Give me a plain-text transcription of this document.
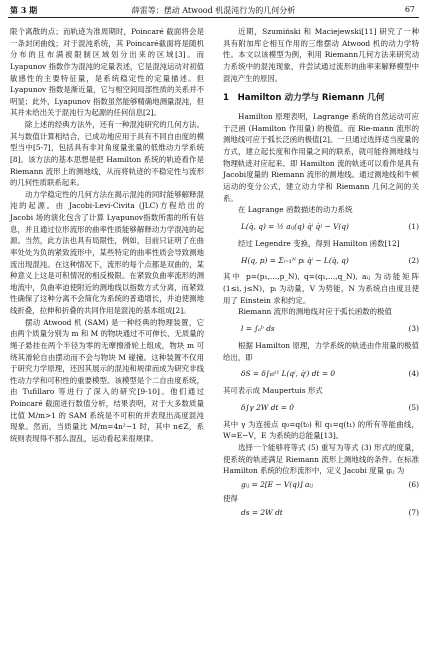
第 3 期	薛雷等：摆动 Atwood 机混沌行为的几何分析	67

限个离散的点；而轨迹为准周期时，Poincaré 截面将会是一条封闭曲线；对于混沌系统，其 Poincaré截面将是随机分布的且布满被限制区域划分出来的区域[3]。而 Lyapunov 指数作为混沌的定量表述，它是混沌运动对初值敏感性的主要特征量，是系统稳定性的定量描述。但 Lyapunov 指数是渐近量，它与相空间局部性质的关系并不明显；此外，Lyapunov 指数虽然能够精确地测量混沌，但其并未给出关于混沌行为起源的任何信息[2]。

除上述的经典方法外，还有一种混沌研究的几何方法。其与数值计算相结合，已成功地应用于具有不同自由度的模型当中[5-7]，包括具有非对角度量张量的低维动力学系统[8]。该方法的基本思想是把 Hamilton 系统的轨迹看作是 Riemann 流形上的测地线，从而将轨迹的不稳定性与流形的几何性质联系起来。

动力学稳定性的几何方法在揭示混沌的同时能够解释混沌的起源。由 Jacobi-Levi-Civita (JLC)方程给出的 Jacobi 场的演化包含了计算 Lyapunov指数所需的所有信息，并且通过位形流形的曲率性质能够解释动力学混沌的起源。当然，此方法也具有局限性，例如，目前只证明了在曲率处处为负的紧致流形中，某些特定的曲率性质会导致测地流出现混沌。在这种情况下，流形的每个点都是双曲的，某种意义上这是可积情况的相反极限。在紧致负曲率流形的测地流中，负曲率迫使附近的测地线以指数方式分离，而紧致性确保了这种分离不会简化为系统的普通增长，并迫使测地线折叠，拉伸和折叠的共同作用是混沌的基本组成[2]。

摆动 Atwood 机 (SAM) 是一种经典的物理装置，它由两个质量分别为 m 和 M 的物块通过不可伸长、无质量的绳子悬挂在两个半径为零的无摩擦滑轮上组成，物块 m 可绕其滑轮自由摆动而不会与物块 M 碰撞。这种装置不仅用于研究力学原理，还因其展示的混沌和规律而成为研究非线性动力学和可积性的重要模型。该模型是个二自由度系统，由 Tufillaro 等进行了深入的研究[9-10]。他们通过Poincaré 截面进行数值分析，结果表明，对于大多数质量比值 M/m>1 的 SAM 系统是不可积的并表现出高度混沌现象。然而，当质量比 M/m=4n²−1 时，其中 n∈Z，系统则表现得不那么混乱，运动看起来很规律。

近期，Szumiński 和 Maciejewski[11] 研究了一种具有附加库仑相互作用的三维摆动 Atwood 机的动力学特性。本文以该模型为例，利用 Riemann几何方法来研究动力系统中的混沌现象，并尝试通过流形的曲率来解释模型中混沌产生的原因。

1　Hamilton 动力学与 Riemann 几何

Hamilton 原理表明，Lagrange 系统的自然运动可应于泛函 (Hamilton 作用量) 的极值。而 Rie-mann 流形的测地线可应于弧长泛函的极值[2]。一旦通过选择适当度量的方式，建立起长度和作用量之间的联系，就可能将测地线与物理轨迹对应起来。即 Hamilton 流的轨迹可以看作是具有 Jacobi度量的 Riemann 流形的测地线。通过测地线和牛顿运动的变分公式，建立动力学和 Riemann 几何之间的关系。

在 Lagrange 函数描述的动力系统

L(q̇, q) = ½ aᵢⱼ(q) q̇ⁱ q̇ʲ − V(q)	(1)

经过 Legendre 变换，得到 Hamilton 函数[12]

H(q, p) = Σᵢ₌₁ᴺ pᵢ q̇ⁱ − L(q̇, q)	(2)

其中 p=(p₁,…,p_N), q=(q₁,…,q_N), aᵢⱼ 为动能矩阵 (1≤i, j≤N)，pᵢ 为动量，V 为势能，N 为系统自由度且使用了 Einstein 求和约定。

Riemann 流形的测地线对应于弧长函数的极值

l = ∫ₐᵇ ds	(3)

根据 Hamilton 原理，力学系统的轨迹由作用量的极值给出，即

δS = δ∫ₜ₀ᵗ¹ L(qⁱ, q̇ⁱ) dt = 0	(4)

其可表示成 Maupertuis 形式

δ∫γ 2W dt = 0	(5)

其中 γ 为连接点 q₀=q(t₀) 和 q₁=q(t₁) 的所有等能曲线，W=E−V，E 为系统的总能量[13]。

选择一个能够将等式 (5) 重写为等式 (3) 形式的度量，使系统的轨迹满足 Riemann 流形上测地线的条件。在标准 Hamilton 系统的位形流形中，定义 Jacobi 度量 gᵢⱼ 为

gᵢⱼ = 2[E − V(q)] aᵢⱼ	(6)

使得

ds = 2W dt	(7)
